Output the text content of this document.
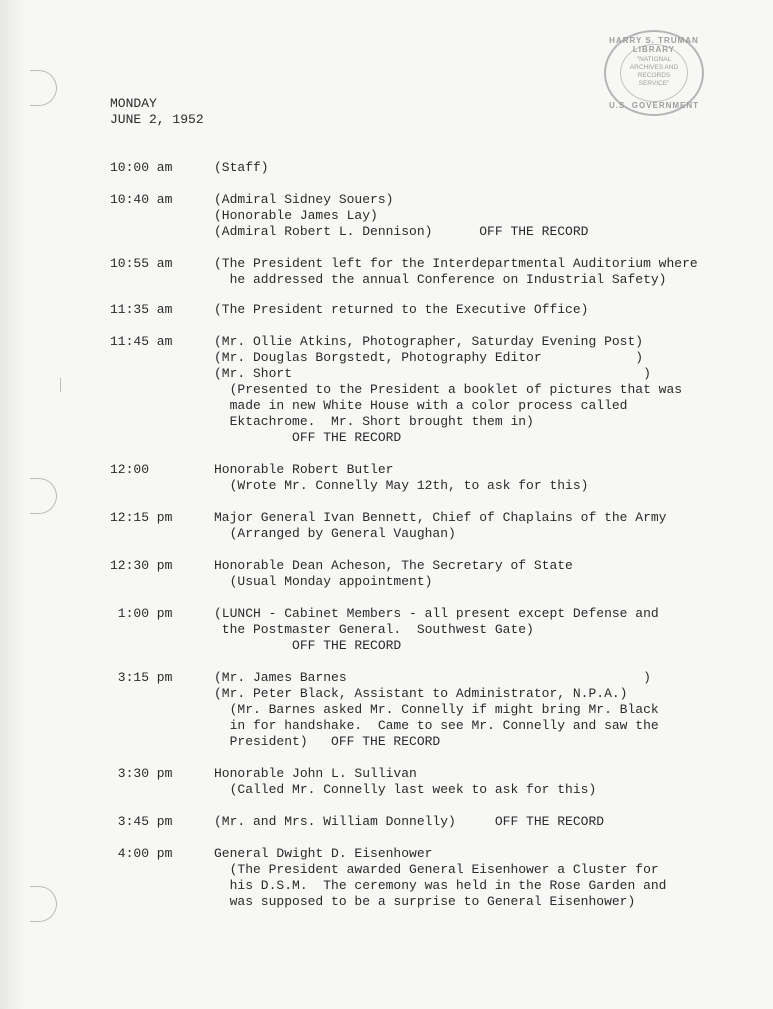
HARRY S. TRUMAN LIBRARY
"NATIONAL
ARCHIVES AND
RECORDS
SERVICE"
U.S. GOVERNMENT
MONDAY
JUNE 2, 1952
10:00 am	(Staff)
10:40 am	(Admiral Sidney Souers)
(Honorable James Lay)
(Admiral Robert L. Dennison)      OFF THE RECORD
10:55 am	(The President left for the Interdepartmental Auditorium where
he addressed the annual Conference on Industrial Safety)
11:35 am	(The President returned to the Executive Office)
11:45 am	(Mr. Ollie Atkins, Photographer, Saturday Evening Post)
(Mr. Douglas Borgstedt, Photography Editor            )
(Mr. Short                                             )
(Presented to the President a booklet of pictures that was
made in new White House with a color process called
Ektachrome.  Mr. Short brought them in)
OFF THE RECORD
12:00	Honorable Robert Butler
(Wrote Mr. Connelly May 12th, to ask for this)
12:15 pm	Major General Ivan Bennett, Chief of Chaplains of the Army
(Arranged by General Vaughan)
12:30 pm	Honorable Dean Acheson, The Secretary of State
(Usual Monday appointment)
1:00 pm	(LUNCH - Cabinet Members - all present except Defense and
the Postmaster General.  Southwest Gate)
OFF THE RECORD
3:15 pm	(Mr. James Barnes                                      )
(Mr. Peter Black, Assistant to Administrator, N.P.A.)
(Mr. Barnes asked Mr. Connelly if might bring Mr. Black
in for handshake.  Came to see Mr. Connelly and saw the
President)   OFF THE RECORD
3:30 pm	Honorable John L. Sullivan
(Called Mr. Connelly last week to ask for this)
3:45 pm	(Mr. and Mrs. William Donnelly)     OFF THE RECORD
4:00 pm	General Dwight D. Eisenhower
(The President awarded General Eisenhower a Cluster for
his D.S.M.  The ceremony was held in the Rose Garden and
was supposed to be a surprise to General Eisenhower)
